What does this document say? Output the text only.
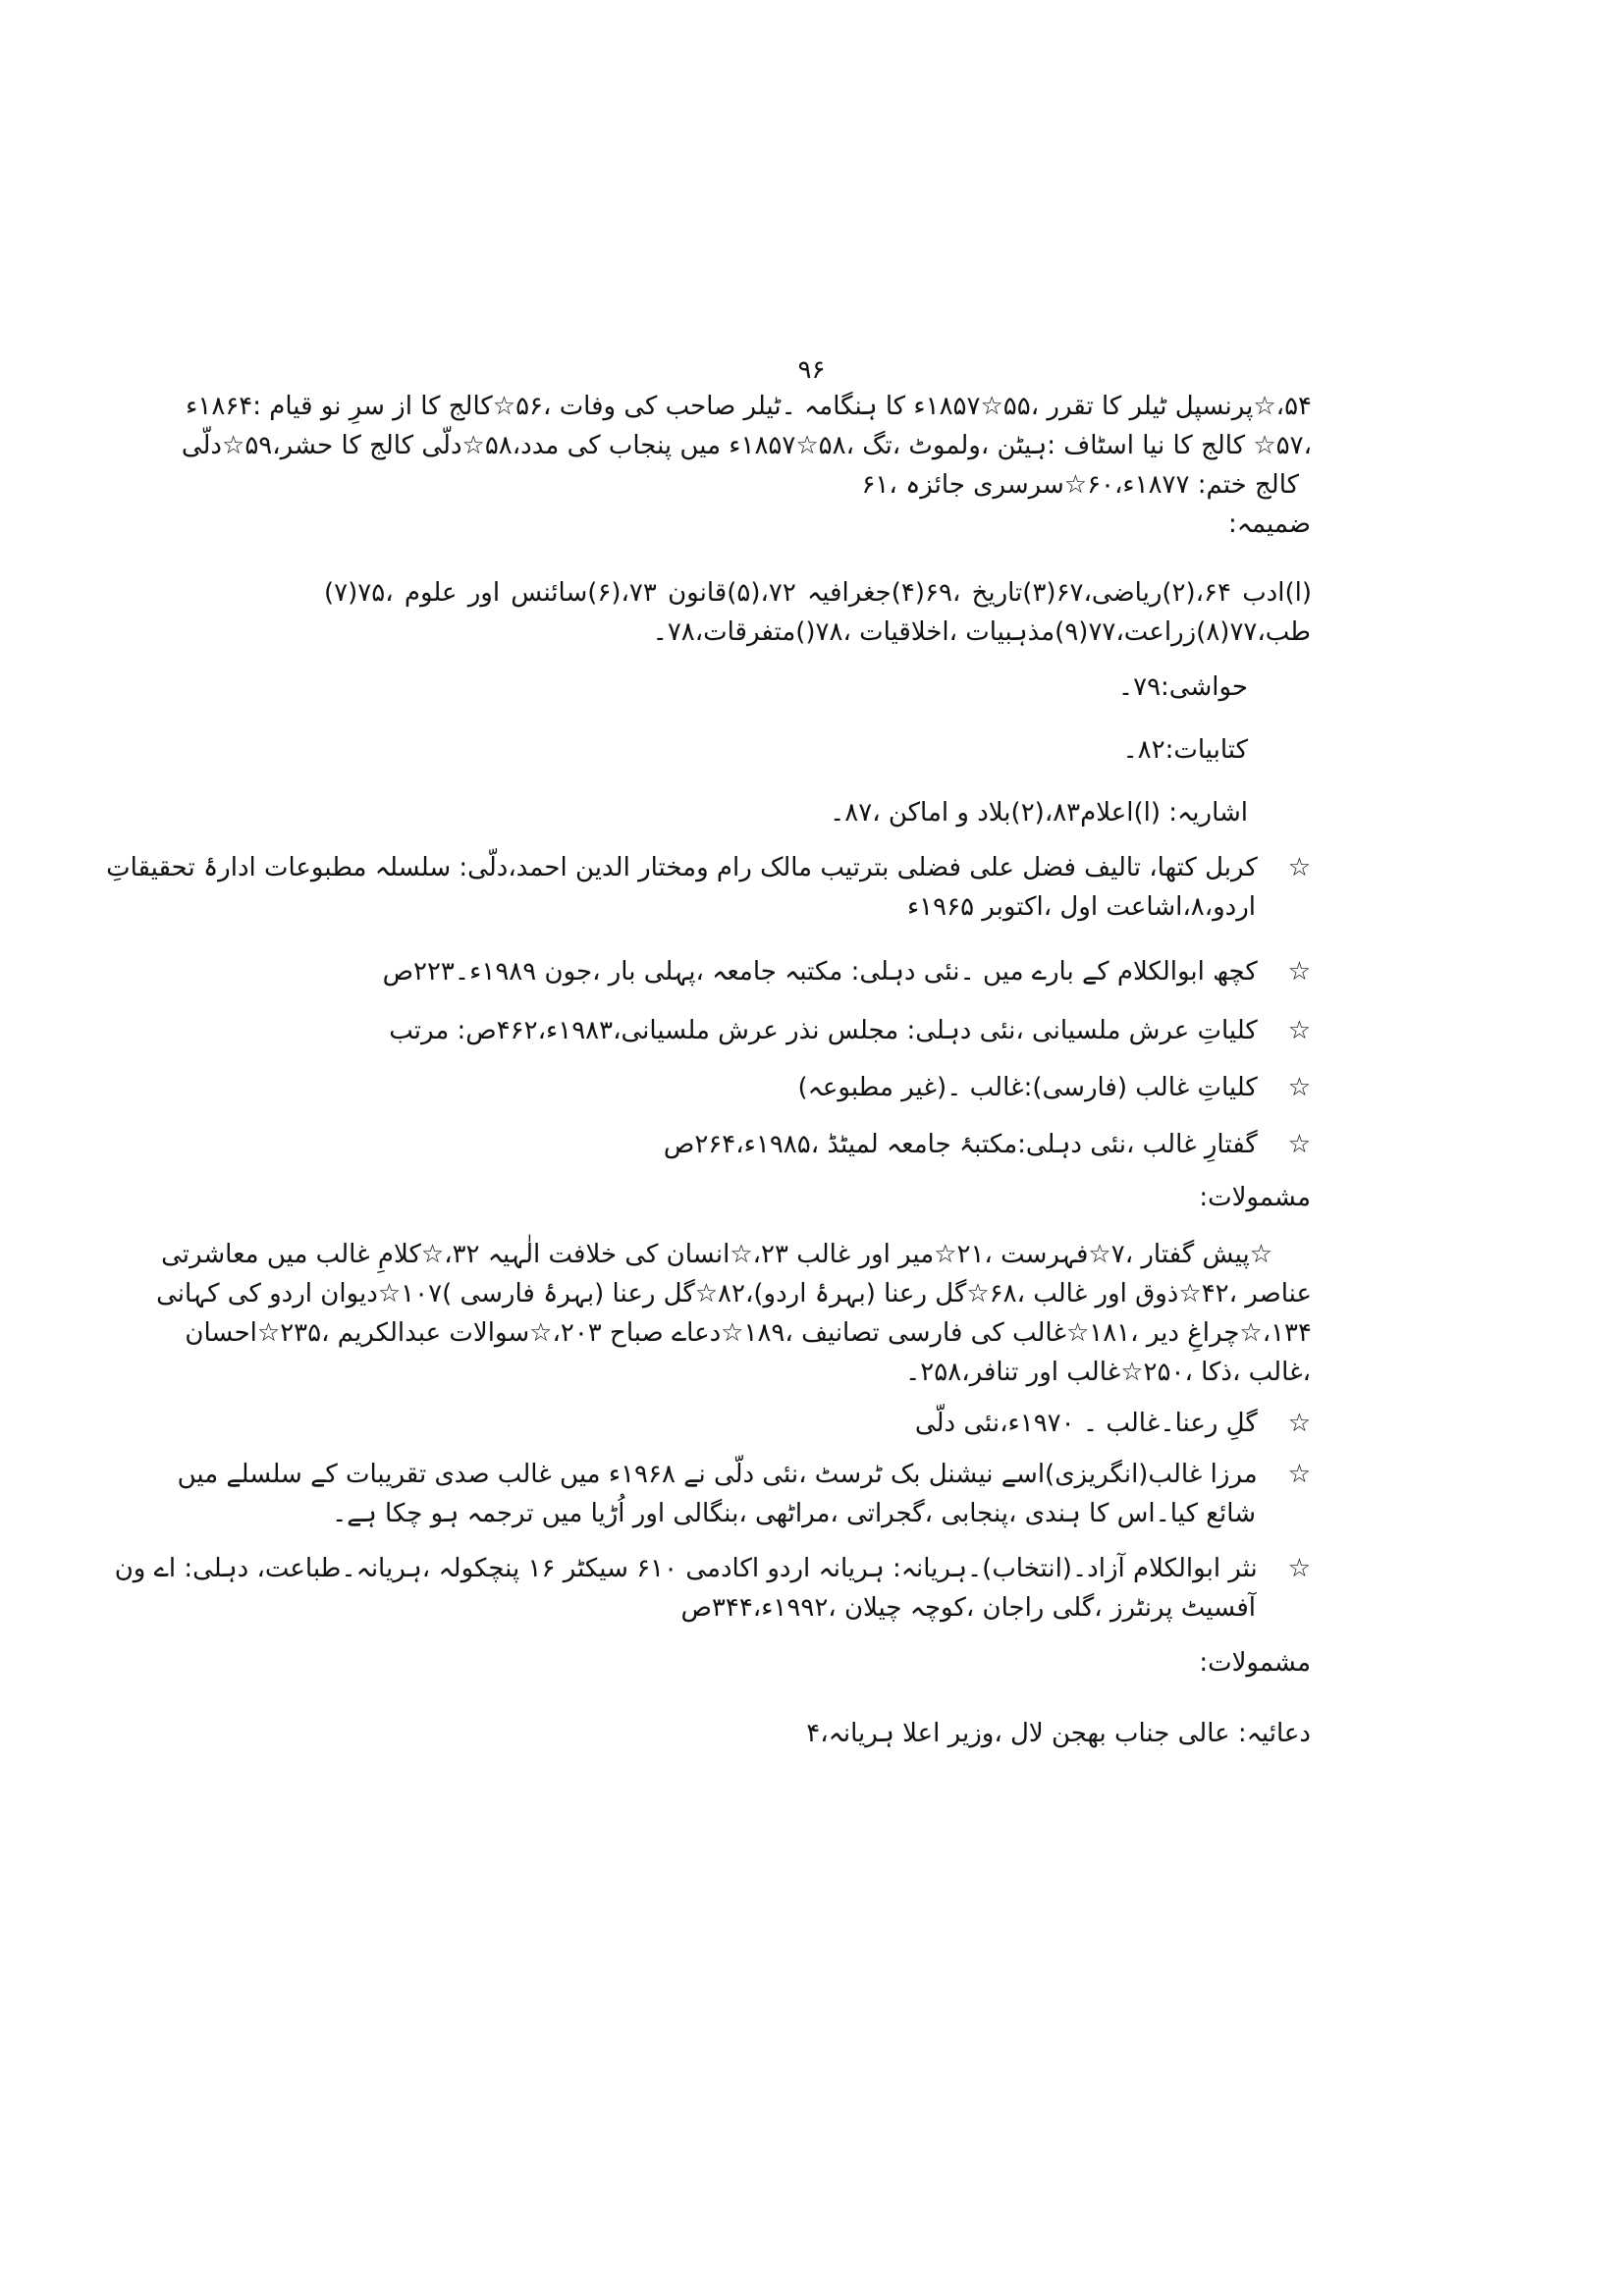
۹۶
۵۴،☆پرنسپل ٹیلر کا تقرر ،۵۵☆۱۸۵۷ء کا ہنگامہ ۔ٹیلر صاحب کی وفات ،۵۶☆کالج کا از سرِ نو قیام :۱۸۶۴ء
،۵۷☆ کالج کا نیا اسٹاف :ہیٹن ،ولموٹ ،تگ ،۵۸☆۱۸۵۷ء میں پنجاب کی مدد،۵۸☆دلّی کالج کا حشر،۵۹☆دلّی
کالج ختم: ۱۸۷۷ء،۶۰☆سرسری جائزہ ،۶۱
ضمیمہ:
(ا)ادب ۶۴،(۲)ریاضی،۶۷(۳)تاریخ ،۶۹(۴)جغرافیہ ۷۲،(۵)قانون ۷۳،(۶)سائنس اور علوم ،۷۵(۷)
طب،۷۷(۸)زراعت،۷۷(۹)مذہبیات ،اخلاقیات ،۷۸()متفرقات،۷۸۔
حواشی:۷۹۔
کتابیات:۸۲۔
اشاریہ: (ا)اعلام۸۳،(۲)بلاد و اماکن ،۸۷۔
☆ کربل کتھا، تالیف فضل علی فضلی بترتیب مالک رام ومختار الدین احمد،دلّی: سلسلہ مطبوعات ادارۂ تحقیقاتِ
اردو،۸،اشاعت اول ،اکتوبر ۱۹۶۵ء
☆ کچھ ابوالکلام کے بارے میں ۔نئی دہلی: مکتبہ جامعہ ،پہلی بار ،جون ۱۹۸۹ء۔۲۲۳ص
☆ کلیاتِ عرش ملسیانی ،نئی دہلی: مجلس نذر عرش ملسیانی،۱۹۸۳ء،۴۶۲ص: مرتب
☆ کلیاتِ غالب (فارسی):غالب ۔(غیر مطبوعہ)
☆ گفتارِ غالب ،نئی دہلی:مکتبۂ جامعہ لمیٹڈ ،۱۹۸۵ء،۲۶۴ص
مشمولات:
☆پیش گفتار ،۷☆فہرست ،۲۱☆میر اور غالب ۲۳،☆انسان کی خلافت الٰہیہ ۳۲،☆کلامِ غالب میں معاشرتی
عناصر ،۴۲☆ذوق اور غالب ،۶۸☆گل رعنا (بہرۂ اردو)،۸۲☆گل رعنا (بہرۂ فارسی )۱۰۷☆دیوان اردو کی کہانی
۱۳۴،☆چراغِ دیر ،۱۸۱☆غالب کی فارسی تصانیف ،۱۸۹☆دعاے صباح ۲۰۳،☆سوالات عبدالکریم ،۲۳۵☆احسان
،غالب ،ذکا ،۲۵۰☆غالب اور تنافر،۲۵۸۔
☆ گلِ رعنا۔غالب ۔ ۱۹۷۰ء،نئی دلّی
☆ مرزا غالب(انگریزی)اسے نیشنل بک ٹرسٹ ،نئی دلّی نے ۱۹۶۸ء میں غالب صدی تقریبات کے سلسلے میں
شائع کیا۔اس کا ہندی ،پنجابی ،گجراتی ،مراٹھی ،بنگالی اور اُڑیا میں ترجمہ ہو چکا ہے۔
☆ نثر ابوالکلام آزاد۔(انتخاب)۔ہریانہ: ہریانہ اردو اکادمی ۶۱۰ سیکٹر ۱۶ پنچکولہ ،ہریانہ۔طباعت، دہلی: اے ون
آفسیٹ پرنٹرز ،گلی راجان ،کوچہ چیلان ،۱۹۹۲ء،۳۴۴ص
مشمولات:
دعائیہ: عالی جناب بھجن لال ،وزیر اعلا ہریانہ،۴
